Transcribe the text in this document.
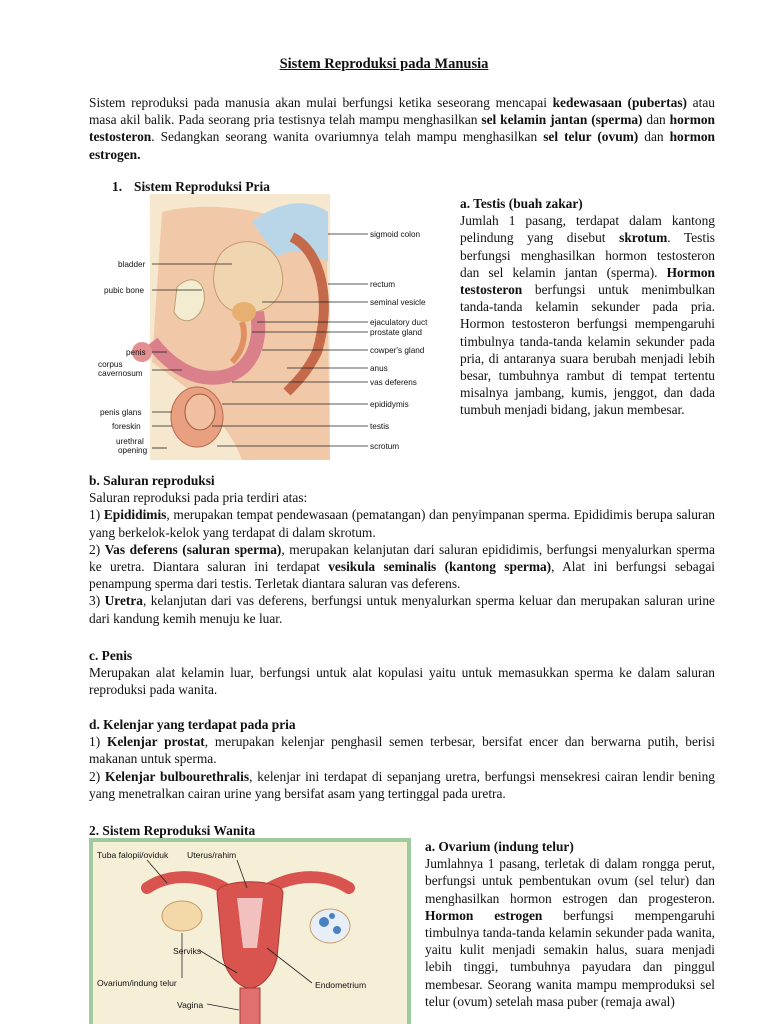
Sistem Reproduksi pada Manusia

Sistem reproduksi pada manusia akan mulai berfungsi ketika seseorang mencapai kedewasaan (pubertas) atau masa akil balik. Pada seorang pria testisnya telah mampu menghasilkan sel kelamin jantan (sperma) dan hormon testosteron. Sedangkan seorang wanita ovariumnya telah mampu menghasilkan sel telur (ovum) dan hormon estrogen.

1. Sistem Reproduksi Pria
sigmoid colon
bladder
rectum
pubic bone
seminal vesicle
ejaculatory duct
prostate gland
cowper's gland
penis
corpus
cavernosum
anus
vas deferens
epididymis
penis glans
foreskin	testis
urethral
opening	scrotum
a. Testis (buah zakar)

Jumlah 1 pasang, terdapat dalam kantong pelindung yang disebut skrotum. Testis berfungsi menghasilkan hormon testosteron dan sel kelamin jantan (sperma). Hormon testosteron berfungsi untuk menimbulkan tanda-tanda kelamin sekunder pada pria. Hormon testosteron berfungsi mempengaruhi timbulnya tanda-tanda kelamin sekunder pada pria, di antaranya suara berubah menjadi lebih besar, tumbuhnya rambut di tempat tertentu misalnya jambang, kumis, jenggot, dan dada tumbuh menjadi bidang, jakun membesar.

b. Saluran reproduksi
Saluran reproduksi pada pria terdiri atas:

1) Epididimis, merupakan tempat pendewasaan (pematangan) dan penyimpanan sperma. Epididimis berupa saluran yang berkelok-kelok yang terdapat di dalam skrotum.

2) Vas deferens (saluran sperma), merupakan kelanjutan dari saluran epididimis, berfungsi menyalurkan sperma ke uretra. Diantara saluran ini terdapat vesikula seminalis (kantong sperma), Alat ini berfungsi sebagai penampung sperma dari testis. Terletak diantara saluran vas deferens.

3) Uretra, kelanjutan dari vas deferens, berfungsi untuk menyalurkan sperma keluar dan merupakan saluran urine dari kandung kemih menuju ke luar.

c. Penis

Merupakan alat kelamin luar, berfungsi untuk alat kopulasi yaitu untuk memasukkan sperma ke dalam saluran reproduksi pada wanita.

d. Kelenjar yang terdapat pada pria

1) Kelenjar prostat, merupakan kelenjar penghasil semen terbesar, bersifat encer dan berwarna putih, berisi makanan untuk sperma.

2) Kelenjar bulbourethralis, kelenjar ini terdapat di sepanjang uretra, berfungsi mensekresi cairan lendir bening yang menetralkan cairan urine yang bersifat asam yang tertinggal pada uretra.

2. Sistem Reproduksi Wanita
Tuba falopii/oviduk Uterus/rahim
Serviks
Ovarium/indung telur	Endometrium
Vagina
a. Ovarium (indung telur)

Jumlahnya 1 pasang, terletak di dalam rongga perut, berfungsi untuk pembentukan ovum (sel telur) dan menghasilkan hormon estrogen dan progesteron. Hormon estrogen berfungsi mempengaruhi timbulnya tanda-tanda kelamin sekunder pada wanita, yaitu kulit menjadi semakin halus, suara menjadi lebih tinggi, tumbuhnya payudara dan pinggul membesar. Seorang wanita mampu memproduksi sel telur (ovum) setelah masa puber (remaja awal)
